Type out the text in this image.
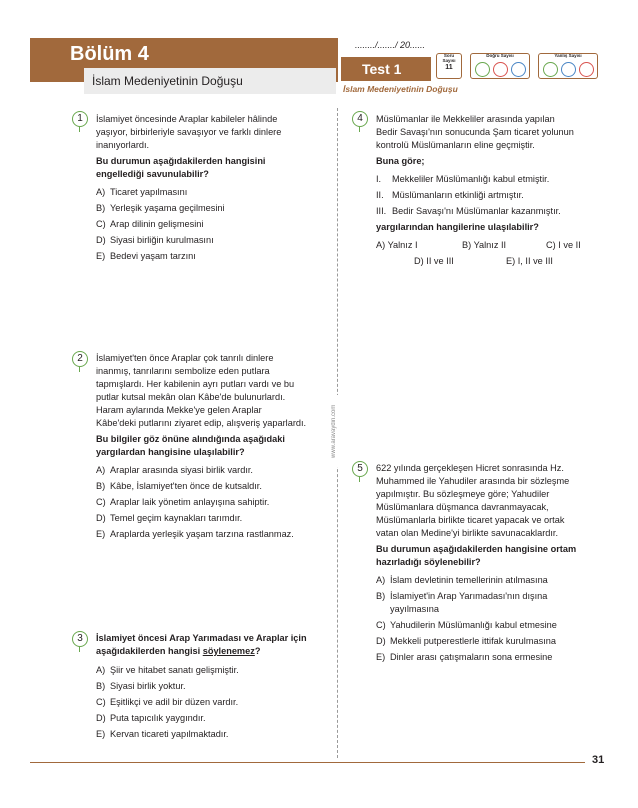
Bölüm 4
İslam Medeniyetinin Doğuşu
......../......./ 20......
Test 1
İslam Medeniyetinin Doğuşu
Soru Sayısı
11
Doğru Sayısı	Yanlış Sayısı
www.aravaydin.com
1	İslamiyet öncesinde Araplar kabileler hâlinde
yaşıyor, birbirleriyle savaşıyor ve farklı dinlere
inanıyorlardı.
Bu durumun aşağıdakilerden hangisini
engellediği savunulabilir?
A) Ticaret yapılmasını
B) Yerleşik yaşama geçilmesini
C) Arap dilinin gelişmesini
D) Siyasi birliğin kurulmasını
E) Bedevi yaşam tarzını
2	İslamiyet'ten önce Araplar çok tanrılı dinlere
inanmış, tanrılarını sembolize eden putlara
tapmışlardı. Her kabilenin ayrı putları vardı ve bu
putlar kutsal mekân olan Kâbe'de bulunurlardı.
Haram aylarında Mekke'ye gelen Araplar
Kâbe'deki putlarını ziyaret edip, alışveriş yaparlardı.
Bu bilgiler göz önüne alındığında aşağıdaki
yargılardan hangisine ulaşılabilir?
A) Araplar arasında siyasi birlik vardır.
B) Kâbe, İslamiyet'ten önce de kutsaldır.
C) Araplar laik yönetim anlayışına sahiptir.
D) Temel geçim kaynakları tarımdır.
E) Araplarda yerleşik yaşam tarzına rastlanmaz.
3	İslamiyet öncesi Arap Yarımadası ve Araplar için
aşağıdakilerden hangisi söylenemez?
A) Şiir ve hitabet sanatı gelişmiştir.
B) Siyasi birlik yoktur.
C) Eşitlikçi ve adil bir düzen vardır.
D) Puta tapıcılık yaygındır.
E) Kervan ticareti yapılmaktadır.
4	Müslümanlar ile Mekkeliler arasında yapılan
Bedir Savaşı'nın sonucunda Şam ticaret yolunun
kontrolü Müslümanların eline geçmiştir.
Buna göre;
I. Mekkeliler Müslümanlığı kabul etmiştir.
II. Müslümanların etkinliği artmıştır.
III. Bedir Savaşı'nı Müslümanlar kazanmıştır.
yargılarından hangilerine ulaşılabilir?
A) Yalnız I	B) Yalnız II	C) I ve II
D) II ve III	E) I, II ve III
5	622 yılında gerçekleşen Hicret sonrasında Hz.
Muhammed ile Yahudiler arasında bir sözleşme
yapılmıştır. Bu sözleşmeye göre; Yahudiler
Müslümanlara düşmanca davranmayacak,
Müslümanlarla birlikte ticaret yapacak ve ortak
vatan olan Medine'yi birlikte savunacaklardır.
Bu durumun aşağıdakilerden hangisine ortam
hazırladığı söylenebilir?
A) İslam devletinin temellerinin atılmasına
B) İslamiyet'in Arap Yarımadası'nın dışına
yayılmasına
C) Yahudilerin Müslümanlığı kabul etmesine
D) Mekkeli putperestlerle ittifak kurulmasına
E) Dinler arası çatışmaların sona ermesine
31
